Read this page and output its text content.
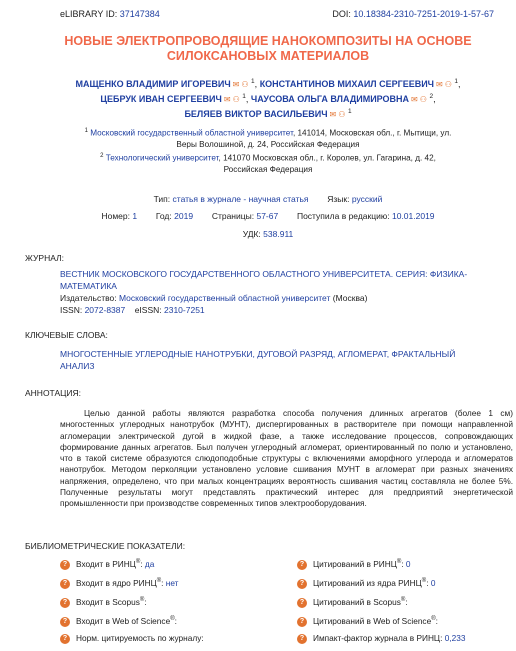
eLIBRARY ID: 37147384	DOI: 10.18384-2310-7251-2019-1-57-67
НОВЫЕ ЭЛЕКТРОПРОВОДЯЩИЕ НАНОКОМПОЗИТЫ НА ОСНОВЕ
СИЛОКСАНОВЫХ МАТЕРИАЛОВ
МАЩЕНКО ВЛАДИМИР ИГОРЕВИЧ ✉ ⚇ $^1$, КОНСТАНТИНОВ МИХАИЛ СЕРГЕЕВИЧ ✉ ⚇ $^1$,
ЦЕБРУК ИВАН СЕРГЕЕВИЧ ✉ ⚇ $^1$, ЧАУСОВА ОЛЬГА ВЛАДИМИРОВНА ✉ ⚇ $^2$,
БЕЛЯЕВ ВИКТОР ВАСИЛЬЕВИЧ ✉ ⚇ $^1$
$^1$ Московский государственный областной университет, 141014, Московская обл., г. Мытищи, ул.
Веры Волошиной, д. 24, Российская Федерация
$^2$ Технологический университет, 141070 Московская обл., г. Королев, ул. Гагарина, д. 42,
Российская Федерация
Тип: статья в журнале - научная статья Язык: русский
Номер: 1 Год: 2019 Страницы: 57-67 Поступила в редакцию: 10.01.2019
УДК: 538.911
ЖУРНАЛ:
ВЕСТНИК МОСКОВСКОГО ГОСУДАРСТВЕННОГО ОБЛАСТНОГО УНИВЕРСИТЕТА. СЕРИЯ: ФИЗИКА-
МАТЕМАТИКА
Издательство: Московский государственный областной университет (Москва)
ISSN: 2072-8387 eISSN: 2310-7251
КЛЮЧЕВЫЕ СЛОВА:
МНОГОСТЕННЫЕ УГЛЕРОДНЫЕ НАНОТРУБКИ, ДУГОВОЙ РАЗРЯД, АГЛОМЕРАТ, ФРАКТАЛЬНЫЙ
АНАЛИЗ
АННОТАЦИЯ:
Целью данной работы являются разработка способа получения длинных агрегатов (более 1 см) многостенных углеродных нанотрубок (МУНТ), диспергированных в растворителе при помощи направленной агломерации электрической дугой в жидкой фазе, а также исследование процессов, сопровождающих формирование данных агрегатов. Был получен углеродный агломерат, ориентированный по полю и установлено, что в такой системе образуются слюдоподобные структуры с включениями аморфного углерода и агломератов нанотрубок. Методом перколяции установлено условие сшивания МУНТ в агломерат при разных значениях напряжения, определено, что при малых концентрациях вероятность сшивания частиц составляла не более 5%. Полученные результаты могут представлять практический интерес для предприятий энергетической промышленности при производстве современных типов электрооборудования.
БИБЛИОМЕТРИЧЕСКИЕ ПОКАЗАТЕЛИ:
? Входит в РИНЦ®: да
? Входит в ядро РИНЦ®: нет
? Входит в Scopus®:
? Входит в Web of Science®:
? Норм. цитируемость по журналу:
? Цитирований в РИНЦ®: 0
? Цитирований из ядра РИНЦ®: 0
? Цитирований в Scopus®:
? Цитирований в Web of Science®:
? Импакт-фактор журнала в РИНЦ: 0,233
